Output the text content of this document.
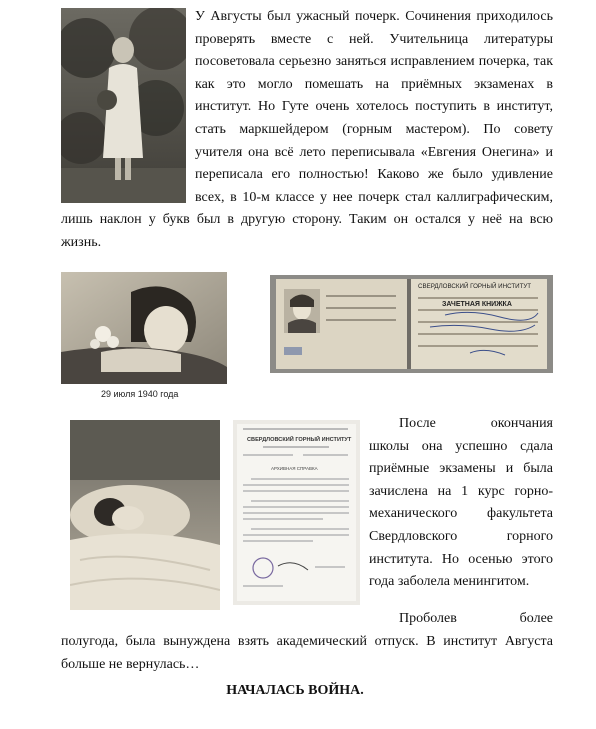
У Августы был ужасный почерк. Сочинения приходилось
проверять вместе с ней. Учительница литературы
посоветовала серьезно заняться исправлением почерка, так
как это могло помешать на приёмных экзаменах в
институт. Но Гуте очень хотелось поступить в институт,
стать маркшейдером (горным мастером). По совету
учителя она всё лето переписывала «Евгения Онегина» и
переписала его полностью! Каково же было удивление
всех, в 10-м классе у нее почерк стал каллиграфическим,
лишь наклон у букв был в другую сторону. Таким он остался у неё на всю
жизнь.
29 июля 1940 года
СВЕРДЛОВСКИЙ ГОРНЫЙ ИНСТИТУТ
ЗАЧЕТНАЯ КНИЖКА
СВЕРДЛОВСКИЙ ГОРНЫЙ ИНСТИТУТ
АРХИВНАЯ СПРАВКА
После окончания
школы она успешно сдала
приёмные экзамены и была
зачислена на 1 курс горно-
механического факультета
Свердловского горного
института. Но осенью этого
года заболела менингитом.
Проболев более
полугода, была вынуждена взять академический отпуск. В институт Августа
больше не вернулась…
НАЧАЛАСЬ ВОЙНА.
